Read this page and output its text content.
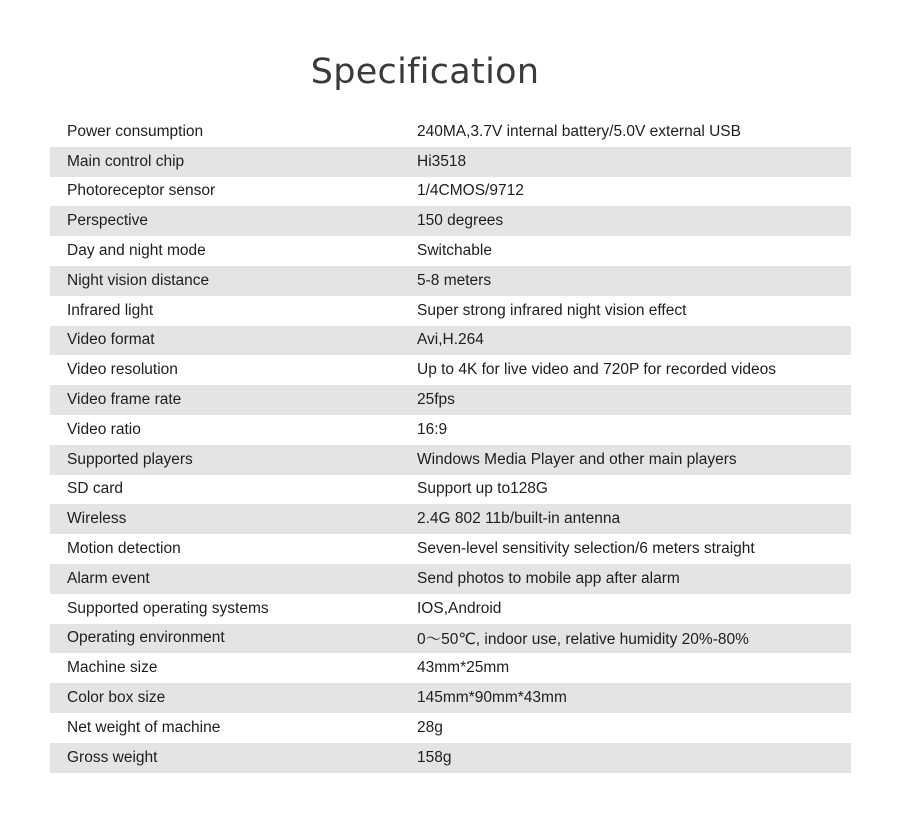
Specification
Power consumption	240MA,3.7V internal battery/5.0V external USB
Main control chip	Hi3518
Photoreceptor sensor	1/4CMOS/9712
Perspective	150 degrees
Day and night mode	Switchable
Night vision distance	5-8 meters
Infrared light	Super strong infrared night vision effect
Video format	Avi,H.264
Video resolution	Up to 4K for live video and 720P for recorded videos
Video frame rate	25fps
Video ratio	16:9
Supported players	Windows Media Player and other main players
SD card	Support up to128G
Wireless	2.4G 802 11b/built-in antenna
Motion detection	Seven-level sensitivity selection/6 meters straight
Alarm event	Send photos to mobile app after alarm
Supported operating systems	IOS,Android
Operating environment	0～50℃, indoor use, relative humidity 20%-80%
Machine size	43mm*25mm
Color box size	145mm*90mm*43mm
Net weight of machine	28g
Gross weight	158g
